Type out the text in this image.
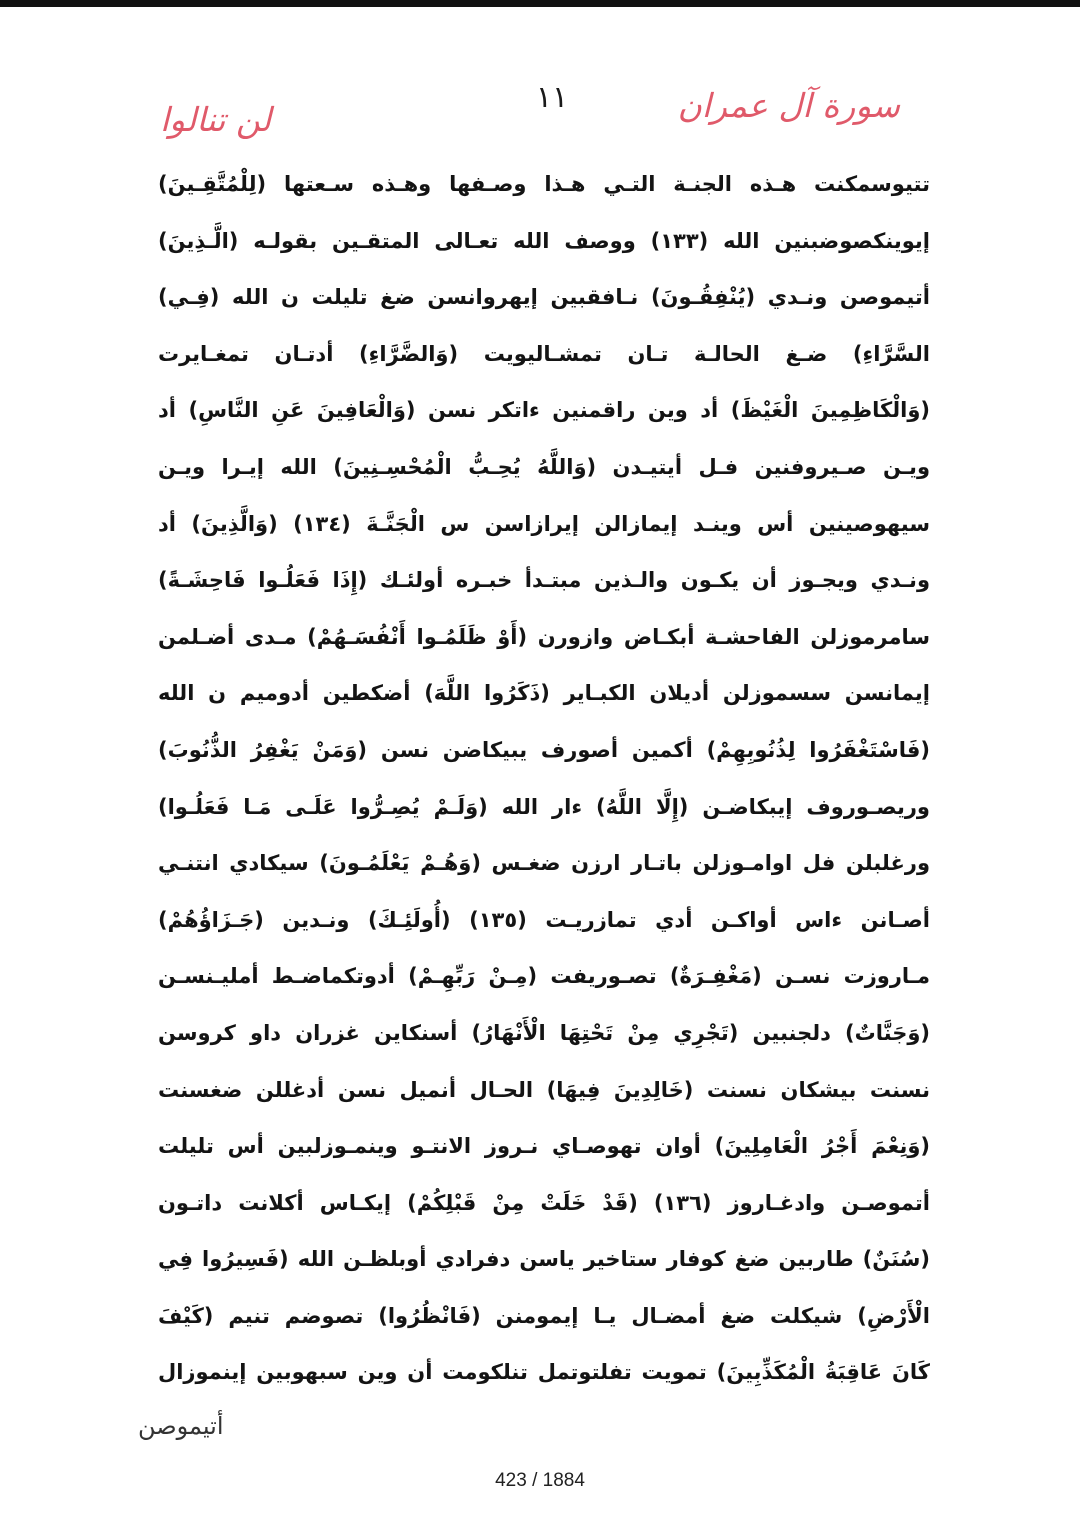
سورة آل عمران
١١
لن تنالوا
تتيوسمكنت هـذه الجنـة التـي هـذا وصـفها وهـذه سـعتها (لِلْمُتَّقِـينَ)
إيوينكصوضبنين الله (١٣٣) ووصف الله تعـالى المتقـين بقولـه (الَّـذِينَ)
أتيموصن ونـدي (يُنْفِقُـونَ) نـافقبين إيهروانسن ضغ تليلت ن الله (فِـي)
السَّرَّاءِ) ضـغ الحالـة تـان تمشـاليويت (وَالضَّرَّاءِ) أدتـان تمغـايرت
(وَالْكَاظِمِينَ الْغَيْظَ) أد وين راقمنين ءاتكر نسن (وَالْعَافِينَ عَنِ النَّاسِ) أد
ويـن صـيروفنين فـل أيتيـدن (وَاللَّهُ يُحِـبُّ الْمُحْسِـنِينَ) الله إيـرا ويـن
سيهوصينين أس وينـد إيمازالن إيرازاسن س الْجَنَّـةَ (١٣٤) (وَالَّذِينَ) أد
ونـدي ويجـوز أن يكـون والـذين مبتـدأ خبـره أولئـك (إِذَا فَعَلُـوا فَاحِشَـةً)
سامرموزلن الفاحشـة أبكـاض وازورن (أَوْ ظَلَمُـوا أَنْفُسَـهُمْ) مـدى أضـلمن
إيمانسن سسموزلن أديلان الكبـاير (ذَكَرُوا اللَّهَ) أضكطين أدوميم ن الله
(فَاسْتَغْفَرُوا لِذُنُوبِهِمْ) أكمين أصورف يبيكاضن نسن (وَمَنْ يَغْفِرُ الذُّنُوبَ)
وريصـوروف إيبكاضـن (إِلَّا اللَّهُ) ءار الله (وَلَـمْ يُصِـرُّوا عَلَـى مَـا فَعَلُـوا)
ورغلبلن فل اوامـوزلن باتـار ارزن ضغـس (وَهُـمْ يَعْلَمُـونَ) سيكادي انتنـي
أصـانن ءاس أواكـن أدي تمازريـت (١٣٥) (أُولَئِـكَ) ونـدين (جَـزَاؤُهُمْ)
مـاروزت نسـن (مَغْفِـرَةٌ) تصـوريفت (مِـنْ رَبِّهِـمْ) أدوتكماضـط أمليـنسـن
(وَجَنَّاتٌ) دلجنبين (تَجْرِي مِنْ تَحْتِهَا الْأَنْهَارُ) أسنكاين غزران داو كروسن
نسنت بيشكان نسنت (خَالِدِينَ فِيهَا) الحـال أنميل نسن أدغللن ضغسنت
(وَنِعْمَ أَجْرُ الْعَامِلِينَ) أوان تهوصـاي نـروز الانتـو وينمـوزلبين أس تليلت
أتموصـن وادغـاروز (١٣٦) (قَدْ خَلَتْ مِنْ قَبْلِكُمْ) إيكـاس أكلانت داتـون
(سُنَنٌ) طاربين ضغ كوفار ستاخير ياسن دفرادي أوبلظـن الله (فَسِيرُوا فِي
الْأَرْضِ) شيكلت ضغ أمضـال يـا إيمومنن (فَانْظُرُوا) تصوضم تنيم (كَيْفَ
كَانَ عَاقِبَةُ الْمُكَذِّبِينَ) تمويت تفلتوتمل تنلكومت أن وين سبهوبين إينموزال
أتيموصن
423 / 1884
